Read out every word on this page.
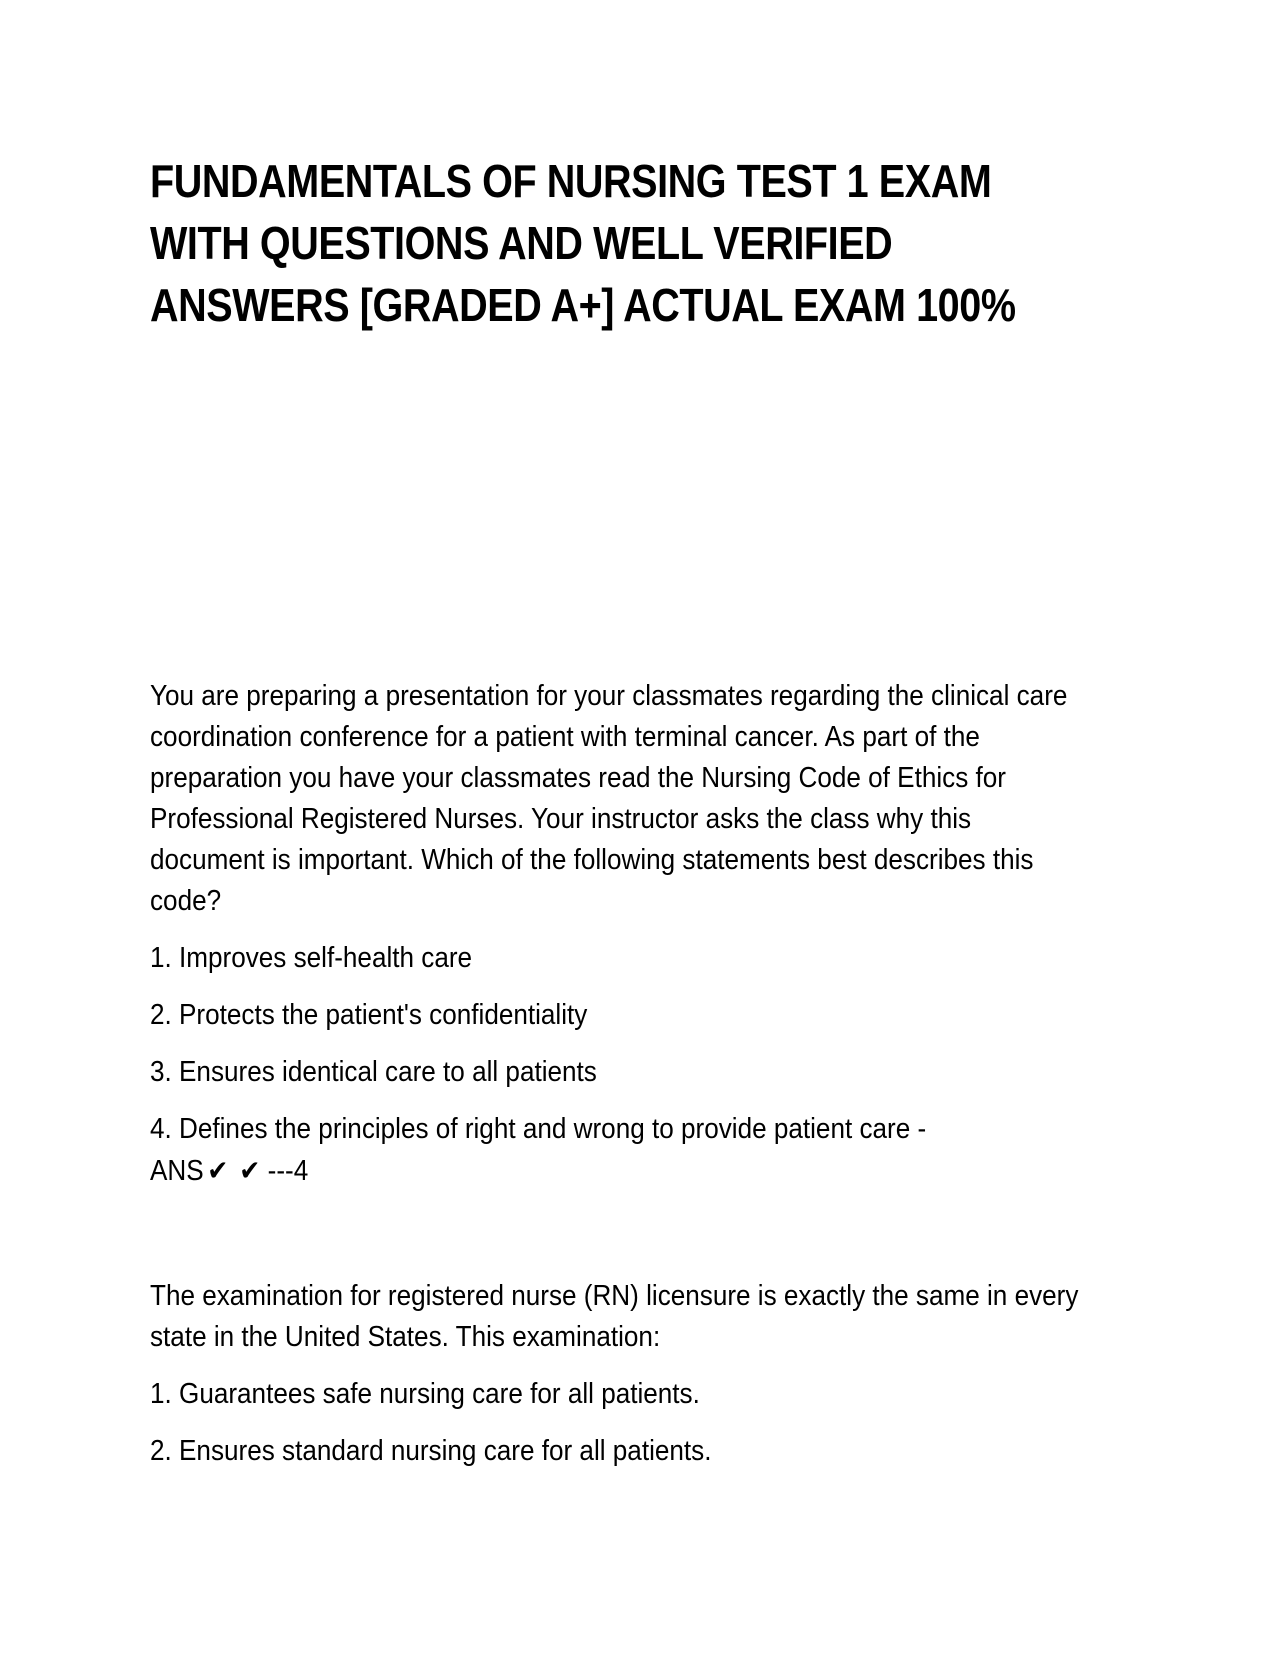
FUNDAMENTALS OF NURSING TEST 1 EXAM
WITH QUESTIONS AND WELL VERIFIED
ANSWERS [GRADED A+] ACTUAL EXAM 100%
You are preparing a presentation for your classmates regarding the clinical care
coordination conference for a patient with terminal cancer. As part of the
preparation you have your classmates read the Nursing Code of Ethics for
Professional Registered Nurses. Your instructor asks the class why this
document is important. Which of the following statements best describes this
code?
1. Improves self-health care
2. Protects the patient's confidentiality
3. Ensures identical care to all patients
4. Defines the principles of right and wrong to provide patient care -
ANS ✔ ✔ ---4
The examination for registered nurse (RN) licensure is exactly the same in every
state in the United States. This examination:
1. Guarantees safe nursing care for all patients.
2. Ensures standard nursing care for all patients.
